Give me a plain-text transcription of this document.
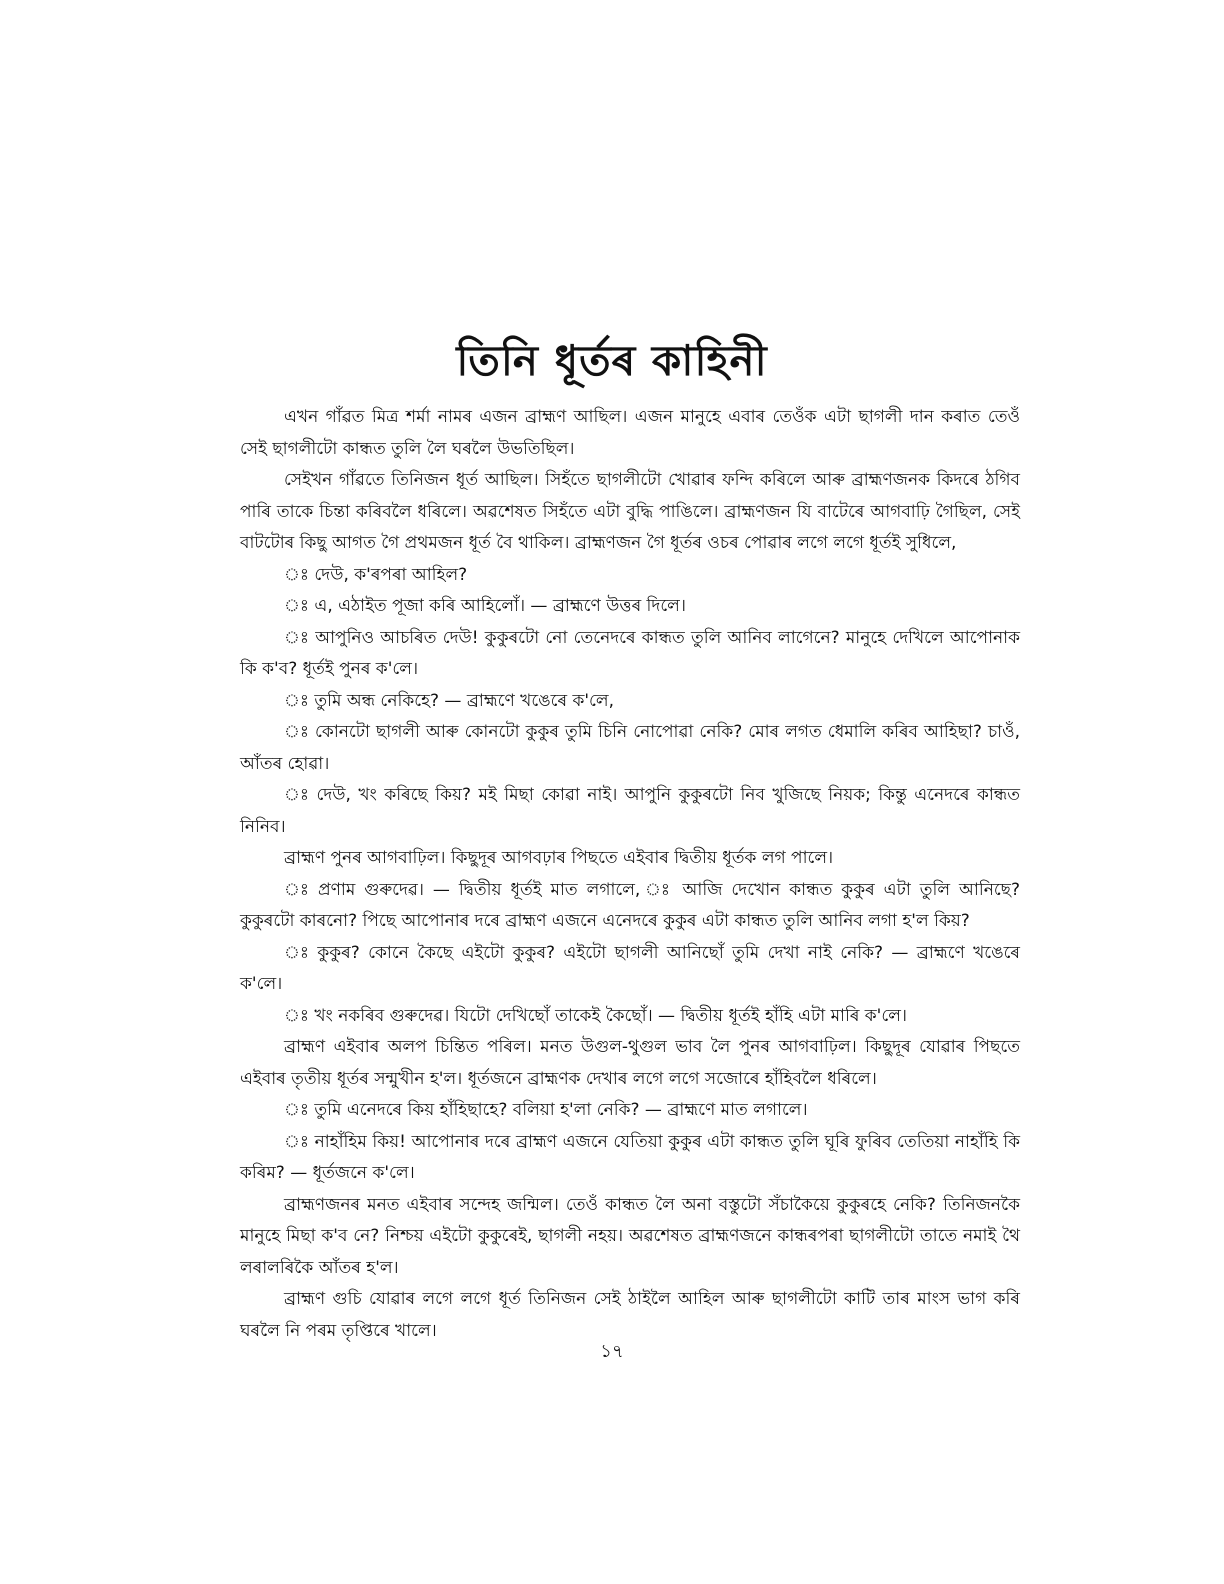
তিনি ধূৰ্তৰ কাহিনী

এখন গাঁৱত মিত্ৰ শৰ্মা নামৰ এজন ব্ৰাহ্মণ আছিল। এজন মানুহে এবাৰ তেওঁক এটা ছাগলী দান কৰাত তেওঁ সেই ছাগলীটো কান্ধত তুলি লৈ ঘৰলৈ উভতিছিল।

সেইখন গাঁৱতে তিনিজন ধূৰ্ত আছিল। সিহঁতে ছাগলীটো খোৱাৰ ফন্দি কৰিলে আৰু ব্ৰাহ্মণজনক কিদৰে ঠগিব পাৰি তাকে চিন্তা কৰিবলৈ ধৰিলে। অৱশেষত সিহঁতে এটা বুদ্ধি পাঙিলে। ব্ৰাহ্মণজন যি বাটেৰে আগবাঢ়ি গৈছিল, সেই বাটটোৰ কিছু আগত গৈ প্ৰথমজন ধূৰ্ত বৈ থাকিল। ব্ৰাহ্মণজন গৈ ধূৰ্তৰ ওচৰ পোৱাৰ লগে লগে ধূৰ্তই সুধিলে,

ঃ দেউ, ক'ৰপৰা আহিল?

ঃ এ, এঠাইত পূজা কৰি আহিলোঁ। — ব্ৰাহ্মণে উত্তৰ দিলে।

ঃ আপুনিও আচৰিত দেউ! কুকুৰটো নো তেনেদৰে কান্ধত তুলি আনিব লাগেনে? মানুহে দেখিলে আপোনাক কি ক'ব? ধূৰ্তই পুনৰ ক'লে।

ঃ তুমি অন্ধ নেকিহে? — ব্ৰাহ্মণে খঙেৰে ক'লে,

ঃ কোনটো ছাগলী আৰু কোনটো কুকুৰ তুমি চিনি নোপোৱা নেকি? মোৰ লগত ধেমালি কৰিব আহিছা? চাওঁ, আঁতৰ হোৱা।

ঃ দেউ, খং কৰিছে কিয়? মই মিছা কোৱা নাই। আপুনি কুকুৰটো নিব খুজিছে নিয়ক; কিন্তু এনেদৰে কান্ধত নিনিব।

ব্ৰাহ্মণ পুনৰ আগবাঢ়িল। কিছুদূৰ আগবঢ়াৰ পিছতে এইবাৰ দ্বিতীয় ধূৰ্তক লগ পালে।

ঃ প্ৰণাম গুৰুদেৱ। — দ্বিতীয় ধূৰ্তই মাত লগালে, ঃ আজি দেখোন কান্ধত কুকুৰ এটা তুলি আনিছে? কুকুৰটো কাৰনো? পিছে আপোনাৰ দৰে ব্ৰাহ্মণ এজনে এনেদৰে কুকুৰ এটা কান্ধত তুলি আনিব লগা হ'ল কিয়?

ঃ কুকুৰ? কোনে কৈছে এইটো কুকুৰ? এইটো ছাগলী আনিছোঁ তুমি দেখা নাই নেকি? — ব্ৰাহ্মণে খঙেৰে ক'লে।

ঃ খং নকৰিব গুৰুদেৱ। যিটো দেখিছোঁ তাকেই কৈছোঁ। — দ্বিতীয় ধূৰ্তই হাঁহি এটা মাৰি ক'লে।

ব্ৰাহ্মণ এইবাৰ অলপ চিন্তিত পৰিল। মনত উগুল-থুগুল ভাব লৈ পুনৰ আগবাঢ়িল। কিছুদূৰ যোৱাৰ পিছতে এইবাৰ তৃতীয় ধূৰ্তৰ সন্মুখীন হ'ল। ধূৰ্তজনে ব্ৰাহ্মণক দেখাৰ লগে লগে সজোৰে হাঁহিবলৈ ধৰিলে।

ঃ তুমি এনেদৰে কিয় হাঁহিছাহে? বলিয়া হ'লা নেকি? — ব্ৰাহ্মণে মাত লগালে।

ঃ নাহাঁহিম কিয়! আপোনাৰ দৰে ব্ৰাহ্মণ এজনে যেতিয়া কুকুৰ এটা কান্ধত তুলি ঘূৰি ফুৰিব তেতিয়া নাহাঁহি কি কৰিম? — ধূৰ্তজনে ক'লে।

ব্ৰাহ্মণজনৰ মনত এইবাৰ সন্দেহ জন্মিল। তেওঁ কান্ধত লৈ অনা বস্তুটো সঁচাকৈয়ে কুকুৰহে নেকি? তিনিজনকৈ মানুহে মিছা ক'ব নে? নিশ্চয় এইটো কুকুৰেই, ছাগলী নহয়। অৱশেষত ব্ৰাহ্মণজনে কান্ধৰপৰা ছাগলীটো তাতে নমাই থৈ লৰালৰিকৈ আঁতৰ হ'ল।

ব্ৰাহ্মণ গুচি যোৱাৰ লগে লগে ধূৰ্ত তিনিজন সেই ঠাইলৈ আহিল আৰু ছাগলীটো কাটি তাৰ মাংস ভাগ কৰি ঘৰলৈ নি পৰম তৃপ্তিৰে খালে।

১৭
